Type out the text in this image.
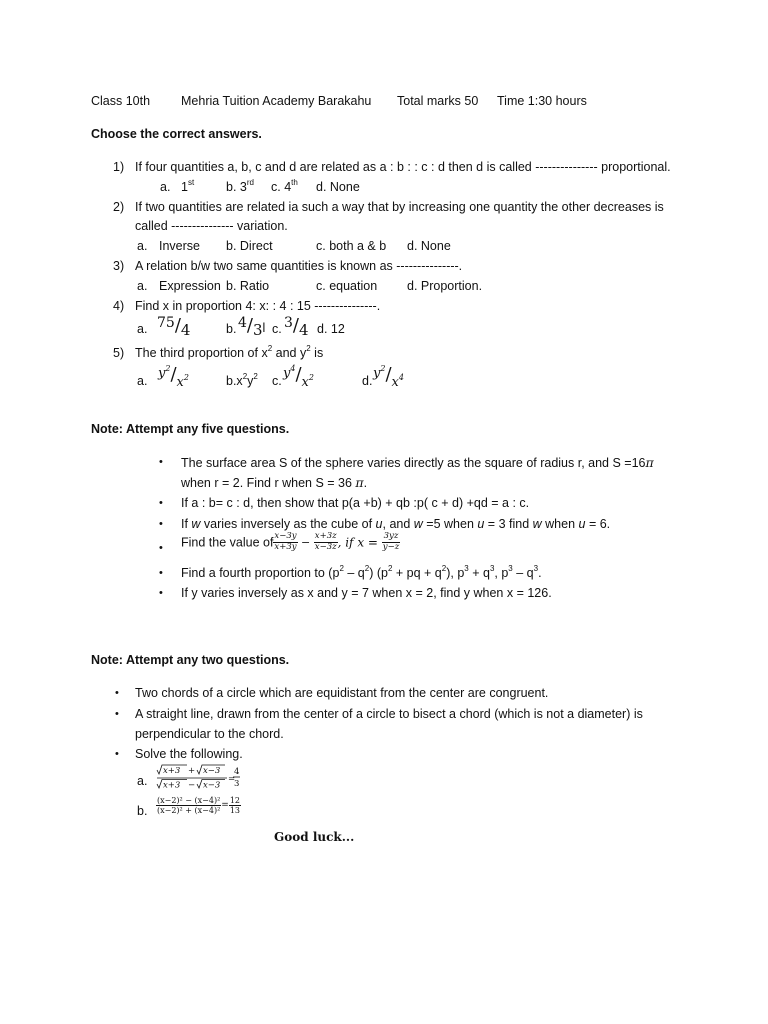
Class 10th Mehria Tuition Academy Barakahu Total marks 50 Time 1:30 hours
Choose the correct answers.
1) If four quantities a, b, c and d are related as a : b : : c : d then d is called --------------- proportional.
a. 1st	b. 3rd c. 4th d. None
2) If two quantities are related ia such a way that by increasing one quantity the other decreases is
called --------------- variation.
a. Inverse b. Direct	c. both a & b d. None
3) A relation b/w two same quantities is known as ---------------.
a. Expression b. Ratio	c. equation d. Proportion.
4) Find x in proportion 4: x: : 4 : 15 ---------------.
a. 75/4	b. 4/3l c. 3/4 d. 12
5) The third proportion of $x^2$ and $y^2$ is
a. $y^2/x^2$	$b.x^2y^2$ c. $y^4/x^2$	d. $y^2/x^4$
Note: Attempt any five questions.
• The surface area S of the sphere varies directly as the square of radius r, and S =16π
when r = 2. Find r when S = 36 π.
• If a : b= c : d, then show that p(a +b) + qb :p( c + d) +qd = a : c.
• If w varies inversely as the cube of u, and w =5 when u = 3 find w when u = 6.
• Find the value of $\frac{x-3y}{x+3y} - \frac{x+3z}{x-3z}$ , if $x = \frac{3yz}{y-z}$
• Find a fourth proportion to $(p^2 - q^2) (p^2$ + pq + $q^2$), $p^3 + q^3$, $p^3 - q^3$.
• If y varies inversely as x and y = 7 when x = 2, find y when x = 126.
Note: Attempt any two questions.
• Two chords of a circle which are equidistant from the center are congruent.
• A straight line, drawn from the center of a circle to bisect a chord (which is not a diameter) is
perpendicular to the chord.
• Solve the following.
a.
x+3 + x−3
x+3 − x−3
=
4
3
b. $\frac{\text{(x−2)² − (x−4)²}}{\text{(x−2)² + (x−4)²}} = \frac{12}{13}$
Good luck...
